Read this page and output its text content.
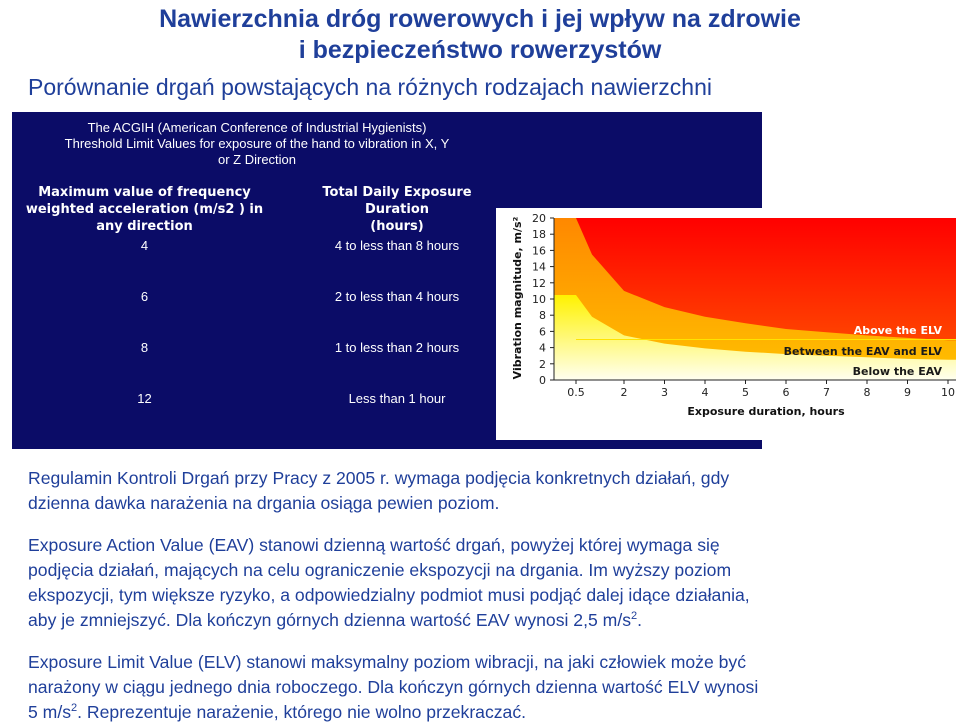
Nawierzchnia dróg rowerowych i jej wpływ na zdrowie
i bezpieczeństwo rowerzystów
Porównanie drgań powstających na różnych rodzajach nawierzchni
The ACGIH (American Conference of Industrial Hygienists)
Threshold Limit Values for exposure of the hand to vibration in X, Y
or Z Direction
Maximum value of frequency
weighted acceleration (m/s2 ) in
any direction
Total Daily Exposure
Duration
(hours)
4	4 to less than 8 hours
6	2 to less than 4 hours
8	1 to less than 2 hours
12	Less than 1 hour
0
2
4
6
8
10
12
14
16
18
20
0.5	2	3	4	5	6	7	8	9	10
Vibration magnitude, m/s²
Exposure duration, hours
Above the ELV
Between the EAV and ELV
Below the EAV
Regulamin Kontroli Drgań przy Pracy z 2005 r. wymaga podjęcia konkretnych działań, gdy
dzienna dawka narażenia na drgania osiąga pewien poziom.
Exposure Action Value (EAV) stanowi dzienną wartość drgań, powyżej której wymaga się
podjęcia działań, mających na celu ograniczenie ekspozycji na drgania. Im wyższy poziom
ekspozycji, tym większe ryzyko, a odpowiedzialny podmiot musi podjąć dalej idące działania,
aby je zmniejszyć. Dla kończyn górnych dzienna wartość EAV wynosi 2,5 $m/s^2$.
Exposure Limit Value (ELV) stanowi maksymalny poziom wibracji, na jaki człowiek może być
narażony w ciągu jednego dnia roboczego. Dla kończyn górnych dzienna wartość ELV wynosi
5 $m/s^2$. Reprezentuje narażenie, którego nie wolno przekraczać.
